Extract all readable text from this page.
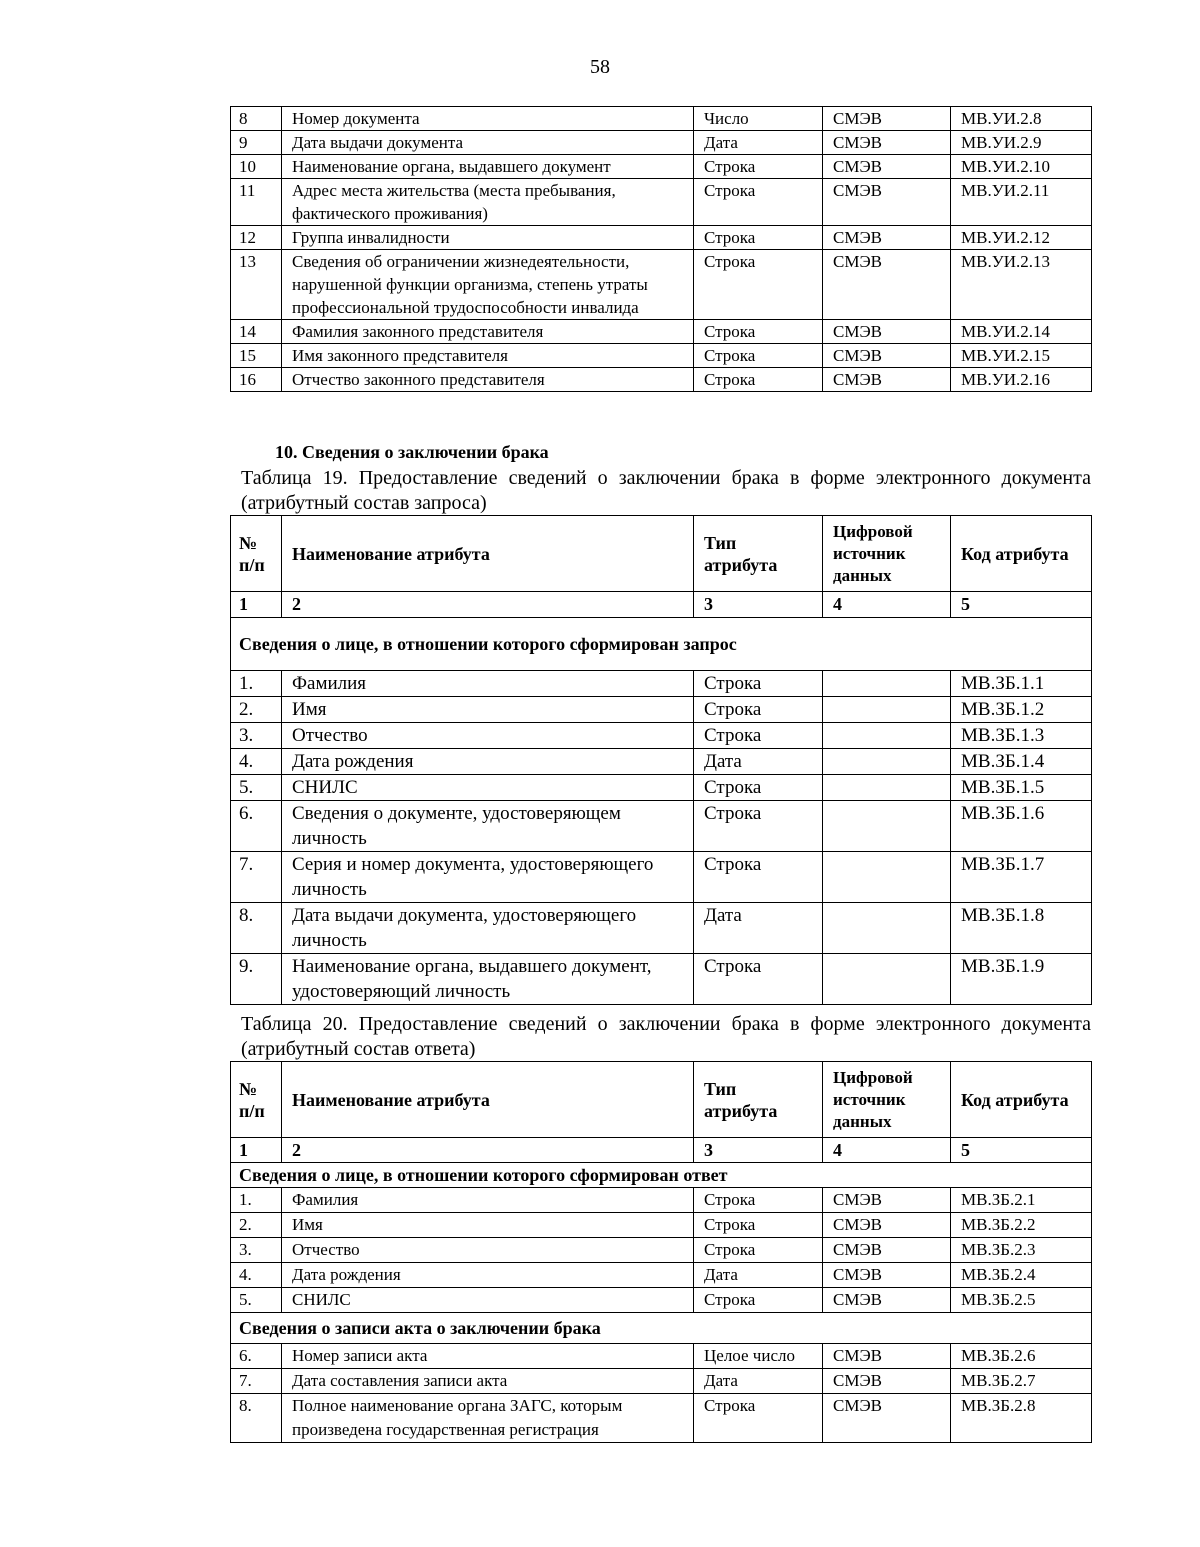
58
8	Номер документа	Число	СМЭВ	МВ.УИ.2.8
9	Дата выдачи документа	Дата	СМЭВ	МВ.УИ.2.9
10	Наименование органа, выдавшего документ	Строка	СМЭВ	МВ.УИ.2.10
11	Адрес места жительства (места пребывания, фактического проживания)	Строка	СМЭВ	МВ.УИ.2.11
12	Группа инвалидности	Строка	СМЭВ	МВ.УИ.2.12
13	Сведения об ограничении жизнедеятельности, нарушенной функции организма, степень утраты профессиональной трудоспособности инвалида	Строка	СМЭВ	МВ.УИ.2.13
14	Фамилия законного представителя	Строка	СМЭВ	МВ.УИ.2.14
15	Имя законного представителя	Строка	СМЭВ	МВ.УИ.2.15
16	Отчество законного представителя	Строка	СМЭВ	МВ.УИ.2.16
10. Сведения о заключении брака
Таблица 19. Предоставление сведений о заключении брака в форме электронного документа (атрибутный состав запроса)
№ п/п	Наименование атрибута	Тип атрибута	Цифровой источник данных	Код атрибута
1	2	3	4	5
Сведения о лице, в отношении которого сформирован запрос				
1.	Фамилия	Строка		МВ.ЗБ.1.1
2.	Имя	Строка		МВ.ЗБ.1.2
3.	Отчество	Строка		МВ.ЗБ.1.3
4.	Дата рождения	Дата		МВ.ЗБ.1.4
5.	СНИЛС	Строка		МВ.ЗБ.1.5
6.	Сведения о документе, удостоверяющем личность	Строка		МВ.ЗБ.1.6
7.	Серия и номер документа, удостоверяющего личность	Строка		МВ.ЗБ.1.7
8.	Дата выдачи документа, удостоверяющего личность	Дата		МВ.ЗБ.1.8
9.	Наименование органа, выдавшего документ, удостоверяющий личность	Строка		МВ.ЗБ.1.9
Таблица 20. Предоставление сведений о заключении брака в форме электронного документа (атрибутный состав ответа)
№ п/п	Наименование атрибута	Тип атрибута	Цифровой источник данных	Код атрибута
1	2	3	4	5
Сведения о лице, в отношении которого сформирован ответ				
1.	Фамилия	Строка	СМЭВ	МВ.ЗБ.2.1
2.	Имя	Строка	СМЭВ	МВ.ЗБ.2.2
3.	Отчество	Строка	СМЭВ	МВ.ЗБ.2.3
4.	Дата рождения	Дата	СМЭВ	МВ.ЗБ.2.4
5.	СНИЛС	Строка	СМЭВ	МВ.ЗБ.2.5
Сведения о записи акта о заключении брака				
6.	Номер записи акта	Целое число	СМЭВ	МВ.ЗБ.2.6
7.	Дата составления записи акта	Дата	СМЭВ	МВ.ЗБ.2.7
8.	Полное наименование органа ЗАГС, которым произведена государственная регистрация	Строка	СМЭВ	МВ.ЗБ.2.8
